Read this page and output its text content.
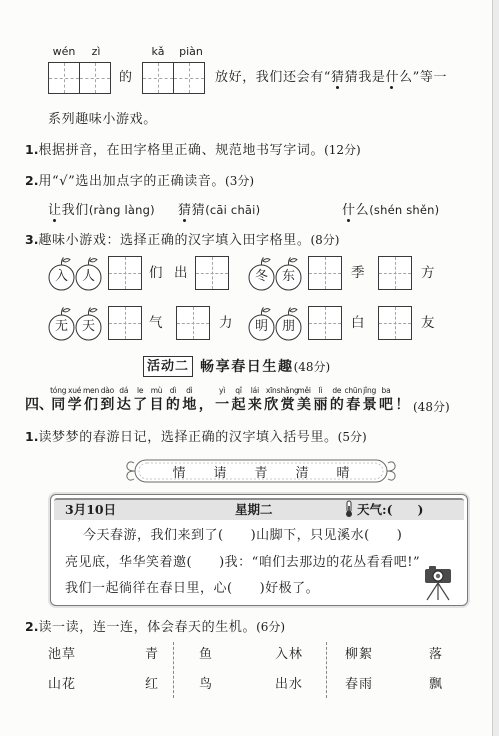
wén	zì	kǎ	piàn
的	放好，我们还会有“猜猜我是什么”等一
系列趣味小游戏。
1.根据拼音，在田字格里正确、规范地书写字词。(12分)
2.用“√”选出加点字的正确读音。(3分)
让我们(ràng làng) 猜猜(cāi chāi)	什么(shén shěn)
3.趣味小游戏：选择正确的汉字填入田字格里。(8分)
入 人	们 出	冬 东	季	方
无 天	气	力 明 朋	白	友
活动二 畅享春日生趣(48分)
四、
tóng
同
xué
学
men
们
dào
到
dá
达
le
了
mù
目
dì
的
dì
地 ，
yì
一
qǐ
起
lái
来
xīn
欣
shǎng
赏
měi
美
lì
丽
de
的
chūn
春
jǐng
景
ba
吧 ！ (48分)
1.读梦梦的春游日记，选择正确的汉字填入括号里。(5分)
情 请 青 清 晴
3月10日	星期二	天气:(　　)
今天春游，我们来到了(　　)山脚下，只见溪水(　　)
亮见底，华华笑着邀(　　)我：“咱们去那边的花丛看看吧!”
我们一起徜徉在春日里，心(　　)好极了。
2.读一读，连一连，体会春天的生机。(6分)
池草	青
山花	红
鱼	入林
鸟	出水
柳絮	落
春雨	飘
